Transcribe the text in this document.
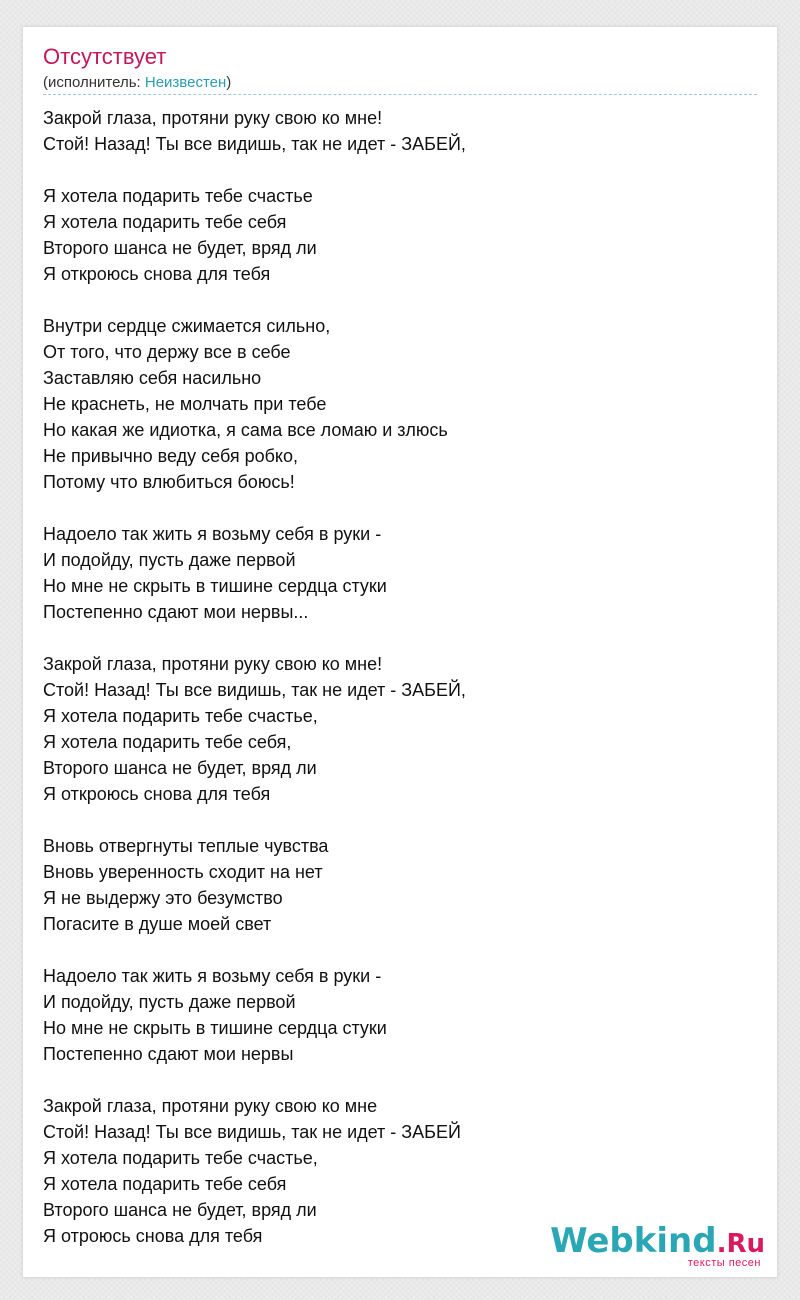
Отсутствует
(исполнитель: Неизвестен)
Закрой глаза, протяни руку свою ко мне!
Стой! Назад! Ты все видишь, так не идет - ЗАБЕЙ,
Я хотела подарить тебе счастье
Я хотела подарить тебе себя
Второго шанса не будет, вряд ли
Я откроюсь снова для тебя
Внутри сердце сжимается сильно,
От того, что держу все в себе
Заставляю себя насильно
Не краснеть, не молчать при тебе
Но какая же идиотка, я сама все ломаю и злюсь
Не привычно веду себя робко,
Потому что влюбиться боюсь!
Надоело так жить я возьму себя в руки -
И подойду, пусть даже первой
Но мне не скрыть в тишине сердца стуки
Постепенно сдают мои нервы...
Закрой глаза, протяни руку свою ко мне!
Стой! Назад! Ты все видишь, так не идет - ЗАБЕЙ,
Я хотела подарить тебе счастье,
Я хотела подарить тебе себя,
Второго шанса не будет, вряд ли
Я откроюсь снова для тебя
Вновь отвергнуты теплые чувства
Вновь уверенность сходит на нет
Я не выдержу это безумство
Погасите в душе моей свет
Надоело так жить я возьму себя в руки -
И подойду, пусть даже первой
Но мне не скрыть в тишине сердца стуки
Постепенно сдают мои нервы
Закрой глаза, протяни руку свою ко мне
Стой! Назад! Ты все видишь, так не идет - ЗАБЕЙ
Я хотела подарить тебе счастье,
Я хотела подарить тебе себя
Второго шанса не будет, вряд ли
Я отроюсь снова для тебя	Webkind.Ru
тексты песен
